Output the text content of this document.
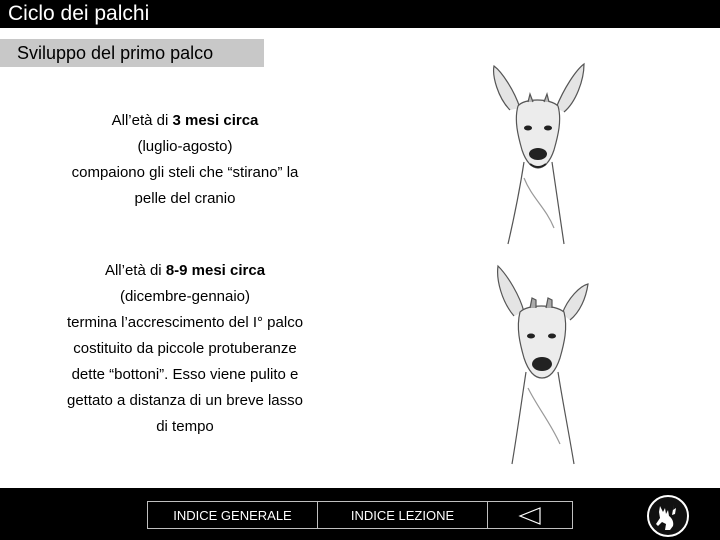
Ciclo dei palchi
Sviluppo del primo palco
All’età di 3 mesi circa
(luglio-agosto)
compaiono gli steli che “stirano” la
pelle del cranio
All’età di 8-9 mesi circa
(dicembre-gennaio)
termina l’accrescimento del I° palco
costituito da piccole protuberanze
dette “bottoni”. Esso viene pulito e
gettato a distanza di un breve lasso
di tempo
INDICE GENERALE	INDICE LEZIONE
